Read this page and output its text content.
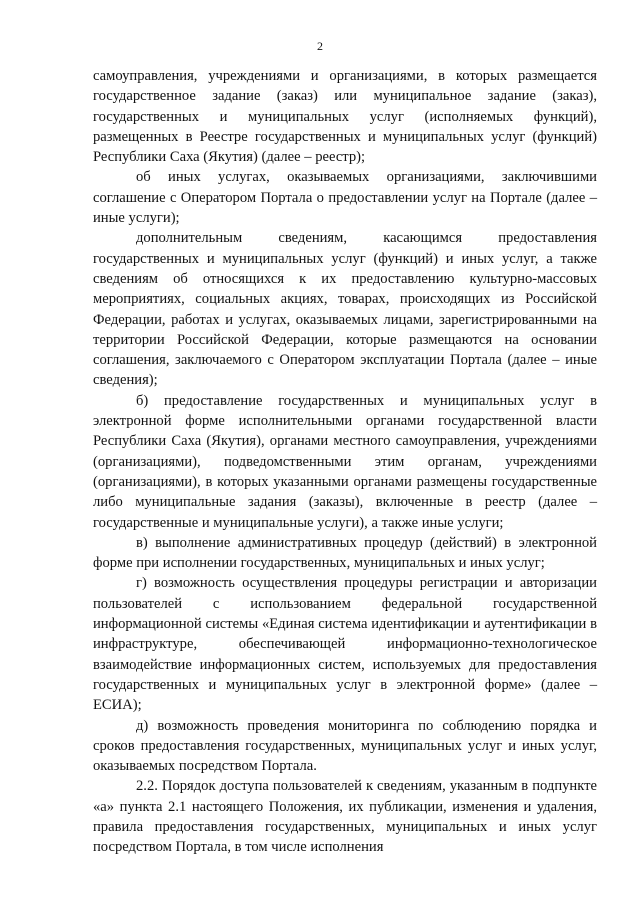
2

самоуправления, учреждениями и организациями, в которых размещается государственное задание (заказ) или муниципальное задание (заказ), государственных и муниципальных услуг (исполняемых функций), размещенных в Реестре государственных и муниципальных услуг (функций) Республики Саха (Якутия) (далее – реестр);

об иных услугах, оказываемых организациями, заключившими соглашение с Оператором Портала о предоставлении услуг на Портале (далее – иные услуги);

дополнительным сведениям, касающимся предоставления государственных и муниципальных услуг (функций) и иных услуг, а также сведениям об относящихся к их предоставлению культурно-массовых мероприятиях, социальных акциях, товарах, происходящих из Российской Федерации, работах и услугах, оказываемых лицами, зарегистрированными на территории Российской Федерации, которые размещаются на основании соглашения, заключаемого с Оператором эксплуатации Портала (далее – иные сведения);

б) предоставление государственных и муниципальных услуг в электронной форме исполнительными органами государственной власти Республики Саха (Якутия), органами местного самоуправления, учреждениями (организациями), подведомственными этим органам, учреждениями (организациями), в которых указанными органами размещены государственные либо муниципальные задания (заказы), включенные в реестр (далее – государственные и муниципальные услуги), а также иные услуги;

в) выполнение административных процедур (действий) в электронной форме при исполнении государственных, муниципальных и иных услуг;

г) возможность осуществления процедуры регистрации и авторизации пользователей с использованием федеральной государственной информационной системы «Единая система идентификации и аутентификации в инфраструктуре, обеспечивающей информационно-технологическое взаимодействие информационных систем, используемых для предоставления государственных и муниципальных услуг в электронной форме» (далее – ЕСИА);

д) возможность проведения мониторинга по соблюдению порядка и сроков предоставления государственных, муниципальных услуг и иных услуг, оказываемых посредством Портала.

2.2. Порядок доступа пользователей к сведениям, указанным в подпункте «а» пункта 2.1 настоящего Положения, их публикации, изменения и удаления, правила предоставления государственных, муниципальных и иных услуг посредством Портала, в том числе исполнения
